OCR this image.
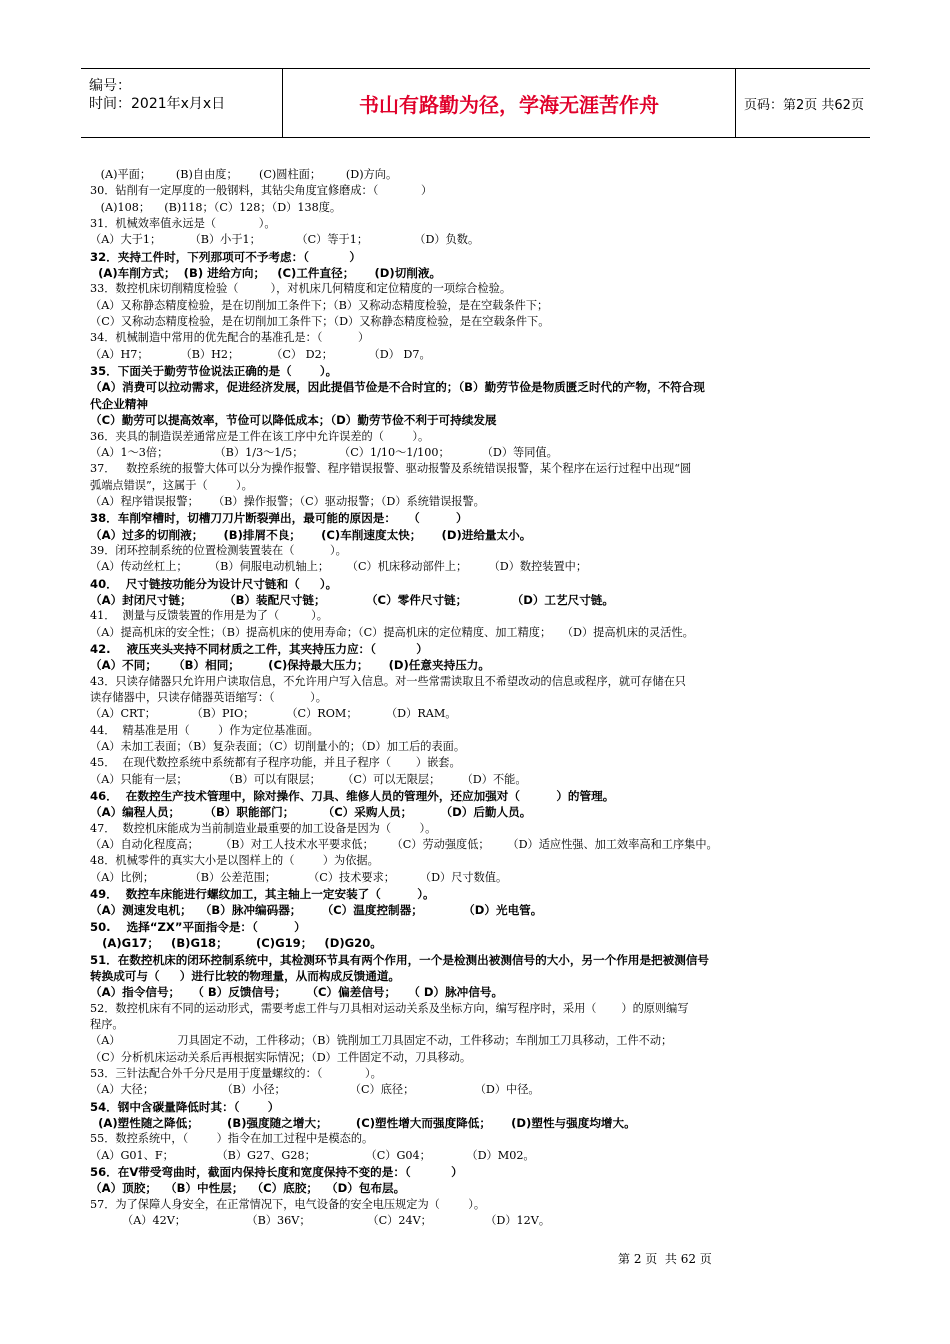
编号：
时间：2021年x月x日	书山有路勤为径，学海无涯苦作舟	页码：第2页 共62页
(A)平面；       (B)自由度；      (C)圆柱面；       (D)方向。
30．钻削有一定厚度的一般钢料，其钻尖角度宜修磨成：（            ）
(A)108；    (B)118；（C）128；（D）138度。
31．机械效率值永远是（            ）。
（A）大于1；        （B）小于1；          （C）等于1；             （D）负数。
32．夹持工件时，下列那项可不予考虑：（          ）
(A)车削方式；  (B) 进给方向；   (C)工件直径；     (D)切削液。
33．数控机床切削精度检验（         ），对机床几何精度和定位精度的一项综合检验。
（A）又称静态精度检验，是在切削加工条件下；（B）又称动态精度检验，是在空载条件下；
（C）又称动态精度检验，是在切削加工条件下；（D）又称静态精度检验，是在空载条件下。
34．机械制造中常用的优先配合的基准孔是：（          ）
（A）H7；         （B）H2；         （C） D2；          （D） D7。
35．下面关于勤劳节俭说法正确的是（       ）。
（A）消费可以拉动需求，促进经济发展，因此提倡节俭是不合时宜的；（B）勤劳节俭是物质匮乏时代的产物，不符合现
代企业精神
（C）勤劳可以提高效率，节俭可以降低成本；（D）勤劳节俭不利于可持续发展
36．夹具的制造误差通常应是工件在该工序中允许误差的（        ）。
（A）1～3倍；             （B）1/3～1/5；          （C）1/10～1/100；         （D）等同值。
37．   数控系统的报警大体可以分为操作报警、程序错误报警、驱动报警及系统错误报警，某个程序在运行过程中出现“圆
弧端点错误”，这属于（        ）。
（A）程序错误报警；    （B）操作报警；（C）驱动报警；（D）系统错误报警。
38．车削窄槽时，切槽刀刀片断裂弹出，最可能的原因是：   （         ）
（A）过多的切削液；     (B)排屑不良；     (C)车削速度太快；     (D)进给量太小。
39．闭环控制系统的位置检测装置装在（          ）。
（A）传动丝杠上；      （B）伺服电动机轴上；     （C）机床移动部件上；      （D）数控装置中；
40．  尺寸链按功能分为设计尺寸链和（     ）。
（A）封闭尺寸链；        （B）装配尺寸链；          （C）零件尺寸链；           （D）工艺尺寸链。
41．  测量与反馈装置的作用是为了（         ）。
（A）提高机床的安全性；（B）提高机床的使用寿命；（C）提高机床的定位精度、加工精度；   （D）提高机床的灵活性。
42.    液压夹头夹持不同材质之工件，其夹持压力应：（          ）
（A）不同；    （B）相同；       (C)保持最大压力；     (D)任意夹持压力。
43．只读存储器只允许用户读取信息，不允许用户写入信息。对一些常需读取且不希望改动的信息或程序，就可存储在只
读存储器中，只读存储器英语缩写：（          ）。
（A）CRT；          （B）PIO；         （C）ROM；        （D）RAM。
44．  精基准是用（        ）作为定位基准面。
（A）未加工表面；（B）复杂表面；（C）切削量小的；（D）加工后的表面。
45．  在现代数控系统中系统都有子程序功能，并且子程序（       ）嵌套。
（A）只能有一层；          （B）可以有限层；      （C）可以无限层；      （D）不能。
46．  在数控生产技术管理中，除对操作、刀具、维修人员的管理外，还应加强对（         ）的管理。
（A）编程人员；      （B）职能部门；       （C）采购人员；       （D）后勤人员。
47．  数控机床能成为当前制造业最重要的加工设备是因为（        ）。
（A）自动化程度高；      （B）对工人技术水平要求低；     （C）劳动强度低；     （D）适应性强、加工效率高和工序集中。
48．机械零件的真实大小是以图样上的（        ）为依据。
（A）比例；          （B）公差范围；         （C）技术要求；       （D）尺寸数值。
49．  数控车床能进行螺纹加工，其主轴上一定安装了（         ）。
（A）测速发电机；  （B）脉冲编码器；     （C）温度控制器；          （D）光电管。
50.    选择“ZX”平面指令是：（         ）
(A)G17；   (B)G18；       (C)G19；   (D)G20。
51．在数控机床的闭环控制系统中，其检测环节具有两个作用，一个是检测出被测信号的大小，另一个作用是把被测信号
转换成可与（     ）进行比较的物理量，从而构成反馈通道。
（A）指令信号；   （ B）反馈信号；     （C）偏差信号；   （ D）脉冲信号。
52．数控机床有不同的运动形式，需要考虑工件与刀具相对运动关系及坐标方向，编写程序时，采用（       ）的原则编写
程序。
（A）                刀具固定不动，工件移动；（B）铣削加工刀具固定不动，工件移动；车削加工刀具移动，工件不动；
（C）分析机床运动关系后再根据实际情况；（D）工件固定不动，刀具移动。
53．三针法配合外千分尺是用于度量螺纹的：（            ）。
（A）大径；                   （B）小径；                  （C）底径；                 （D）中径。
54．钢中含碳量降低时其：（       ）
(A)塑性随之降低；       (B)强度随之增大；       (C)塑性增大而强度降低；     (D)塑性与强度均增大。
55．数控系统中，（        ）指令在加工过程中是模态的。
（A）G01、F；            （B）G27、G28；              （C）G04；          （D）M02。
56．在V带受弯曲时，截面内保持长度和宽度保持不变的是：（          ）
（A）顶胶；  （B）中性层；  （C）底胶；  （D）包布层。
57．为了保障人身安全，在正常情况下，电气设备的安全电压规定为（        ）。
（A）42V；                 （B）36V；                （C）24V；               （D）12V。
第 2 页  共 62 页
